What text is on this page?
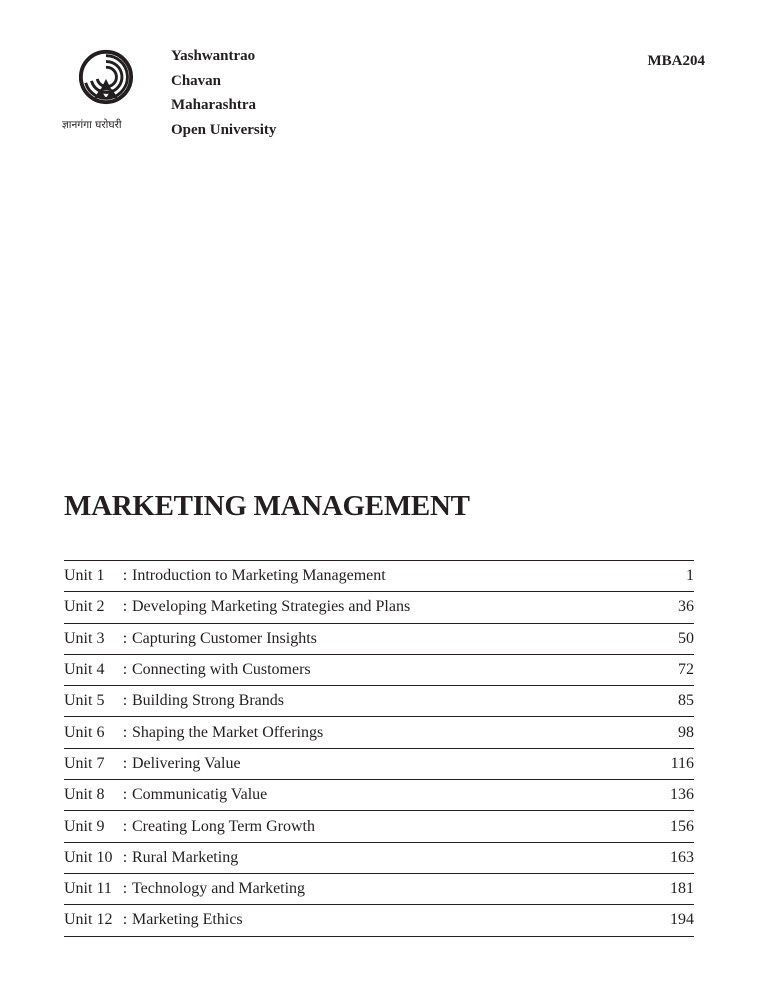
ज्ञानगंगा घरोघरी
Yashwantrao
Chavan
Maharashtra
Open University
MBA204
MARKETING MANAGEMENT
Unit 1	: Introduction to Marketing Management	1
Unit 2	: Developing Marketing Strategies and Plans	36
Unit 3	: Capturing Customer Insights	50
Unit 4	: Connecting with Customers	72
Unit 5	: Building Strong Brands	85
Unit 6	: Shaping the Market Offerings	98
Unit 7	: Delivering Value	116
Unit 8	: Communicatig Value	136
Unit 9	: Creating Long Term Growth	156
Unit 10 : Rural Marketing	163
Unit 11 : Technology and Marketing	181
Unit 12 : Marketing Ethics	194
